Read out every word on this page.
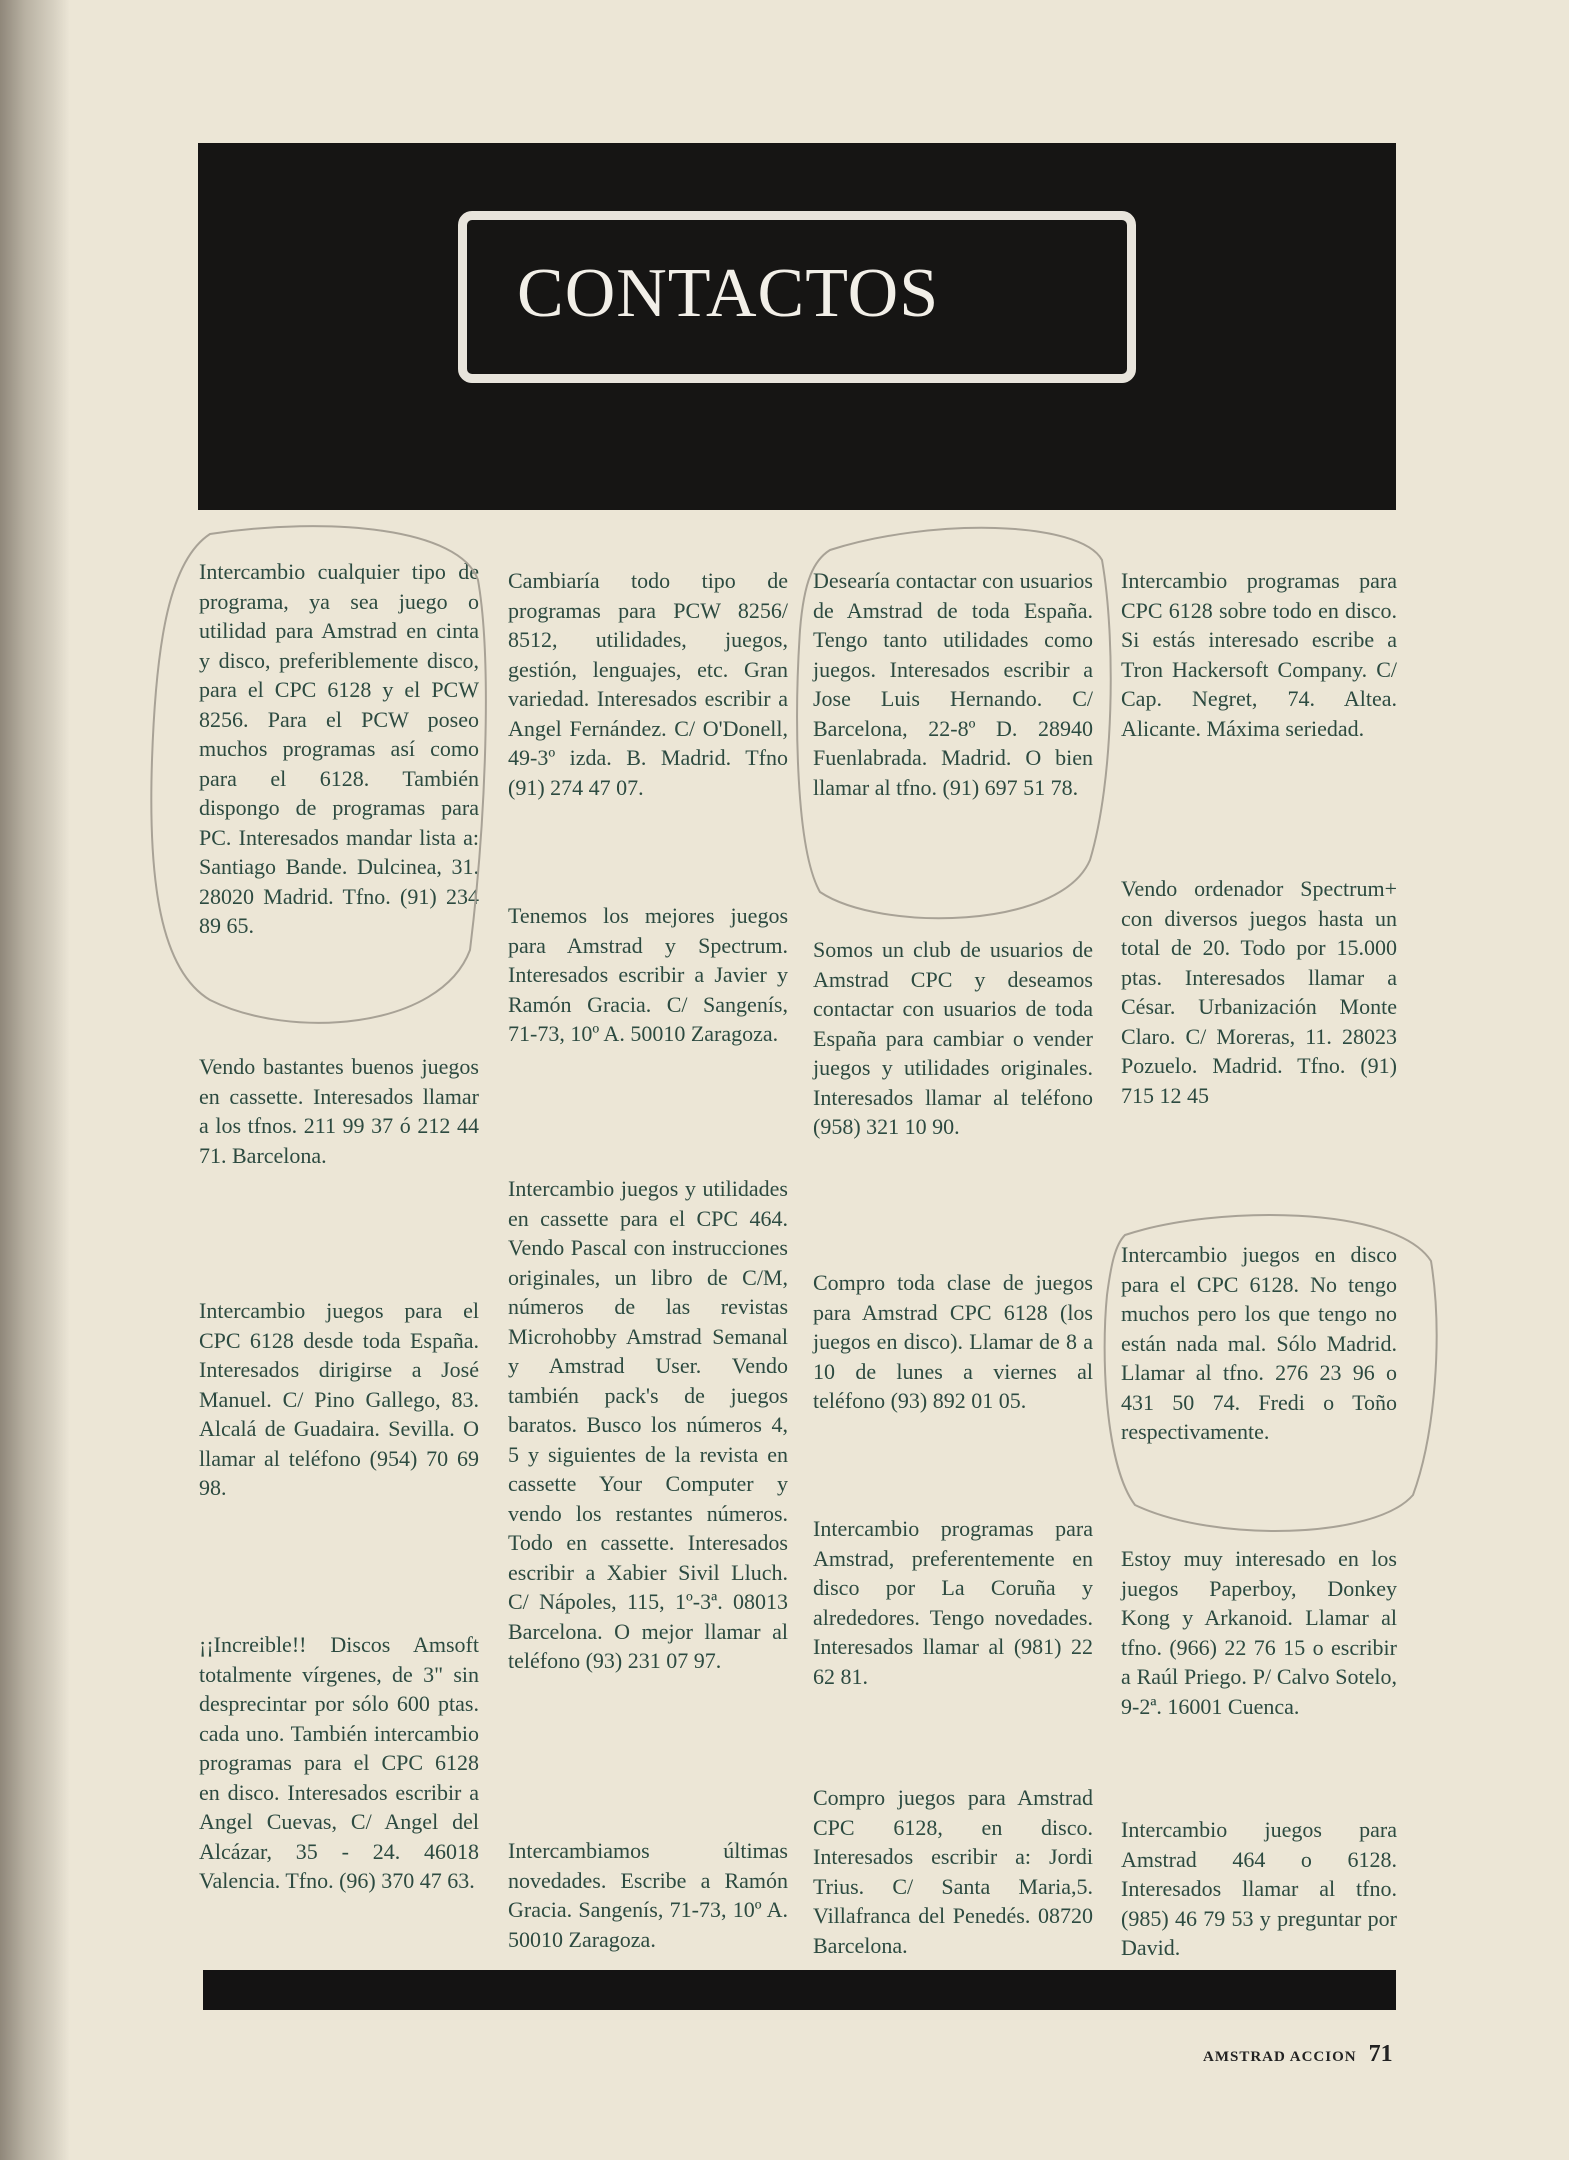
CONTACTOS
Intercambio cualquier tipo de programa, ya sea juego o utilidad para Amstrad en cinta y disco, preferiblemente disco, para el CPC 6128 y el PCW 8256. Para el PCW poseo muchos programas así como para el 6128. También dispongo de programas para PC. Interesados mandar lista a: Santiago Bande. Dulcinea, 31. 28020 Madrid. Tfno. (91) 234 89 65.
Vendo bastantes buenos juegos en cassette. Interesados llamar a los tfnos. 211 99 37 ó 212 44 71. Barcelona.
Intercambio juegos para el CPC 6128 desde toda España. Interesados dirigirse a José Manuel. C/ Pino Gallego, 83. Alcalá de Guadaira. Sevilla. O llamar al teléfono (954) 70 69 98.
¡¡Increible!! Discos Amsoft totalmente vírgenes, de 3" sin desprecintar por sólo 600 ptas. cada uno. También intercambio programas para el CPC 6128 en disco. Interesados escribir a Angel Cuevas, C/ Angel del Alcázar, 35 - 24. 46018 Valencia. Tfno. (96) 370 47 63.
Cambiaría todo tipo de programas para PCW 8256/ 8512, utilidades, juegos, gestión, lenguajes, etc. Gran variedad. Interesados escribir a Angel Fernández. C/ O'Donell, 49-3º izda. B. Madrid. Tfno (91) 274 47 07.
Tenemos los mejores juegos para Amstrad y Spectrum. Interesados escribir a Javier y Ramón Gracia. C/ Sangenís, 71-73, 10º A. 50010 Zaragoza.
Intercambio juegos y utilidades en cassette para el CPC 464. Vendo Pascal con instrucciones originales, un libro de C/M, números de las revistas Microhobby Amstrad Semanal y Amstrad User. Vendo también pack's de juegos baratos. Busco los números 4, 5 y siguientes de la revista en cassette Your Computer y vendo los restantes números. Todo en cassette. Interesados escribir a Xabier Sivil Lluch. C/ Nápoles, 115, 1º-3ª. 08013 Barcelona. O mejor llamar al teléfono (93) 231 07 97.
Intercambiamos últimas novedades. Escribe a Ramón Gracia. Sangenís, 71-73, 10º A. 50010 Zaragoza.
Desearía contactar con usuarios de Amstrad de toda España. Tengo tanto utilidades como juegos. Interesados escribir a Jose Luis Hernando. C/ Barcelona, 22-8º D. 28940 Fuenlabrada. Madrid. O bien llamar al tfno. (91) 697 51 78.
Somos un club de usuarios de Amstrad CPC y deseamos contactar con usuarios de toda España para cambiar o vender juegos y utilidades originales. Interesados llamar al teléfono (958) 321 10 90.
Compro toda clase de juegos para Amstrad CPC 6128 (los juegos en disco). Llamar de 8 a 10 de lunes a viernes al teléfono (93) 892 01 05.
Intercambio programas para Amstrad, preferentemente en disco por La Coruña y alrededores. Tengo novedades. Interesados llamar al (981) 22 62 81.
Compro juegos para Amstrad CPC 6128, en disco. Interesados escribir a: Jordi Trius. C/ Santa Maria,5. Villafranca del Penedés. 08720 Barcelona.
Intercambio programas para CPC 6128 sobre todo en disco. Si estás interesado escribe a Tron Hackersoft Company. C/ Cap. Negret, 74. Altea. Alicante. Máxima seriedad.
Vendo ordenador Spectrum+ con diversos juegos hasta un total de 20. Todo por 15.000 ptas. Interesados llamar a César. Urbanización Monte Claro. C/ Moreras, 11. 28023 Pozuelo. Madrid. Tfno. (91) 715 12 45
Intercambio juegos en disco para el CPC 6128. No tengo muchos pero los que tengo no están nada mal. Sólo Madrid. Llamar al tfno. 276 23 96 o 431 50 74. Fredi o Toño respectivamente.
Estoy muy interesado en los juegos Paperboy, Donkey Kong y Arkanoid. Llamar al tfno. (966) 22 76 15 o escribir a Raúl Priego. P/ Calvo Sotelo, 9-2ª. 16001 Cuenca.
Intercambio juegos para Amstrad 464 o 6128. Interesados llamar al tfno. (985) 46 79 53 y preguntar por David.
AMSTRAD ACCION 71
